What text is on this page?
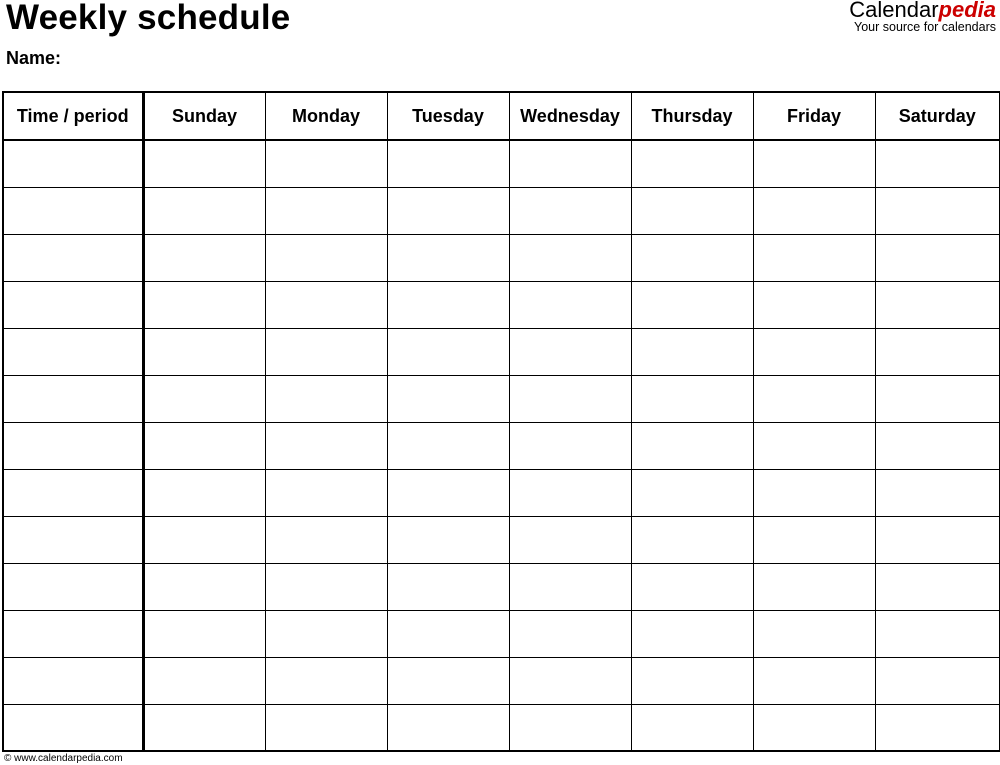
Weekly schedule
Name:
Calendarpedia
Your source for calendars
Time / period	Sunday	Monday	Tuesday	Wednesday	Thursday	Friday	Saturday

© www.calendarpedia.com
